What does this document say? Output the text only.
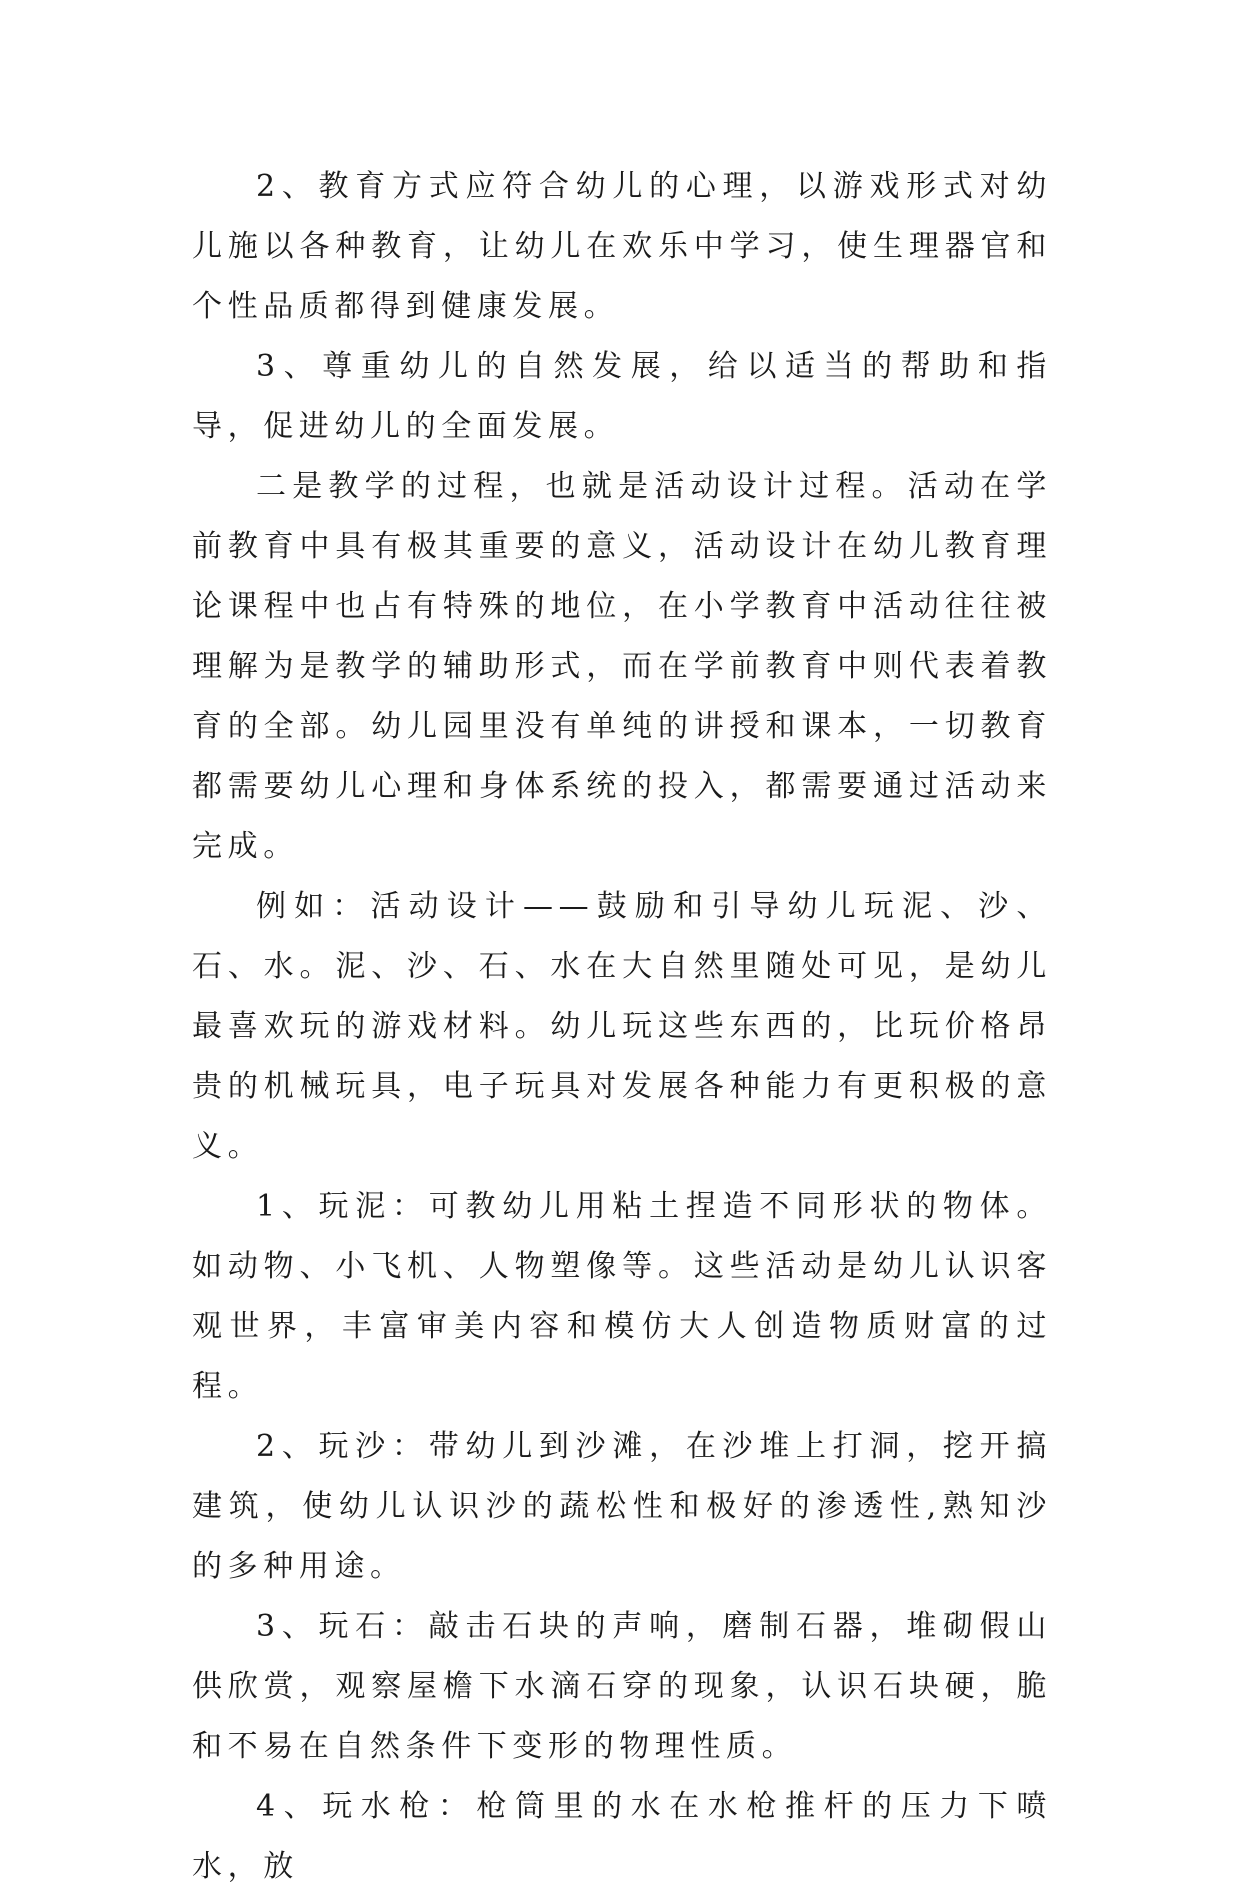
2、教育方式应符合幼儿的心理，以游戏形式对幼儿施以各种教育，让幼儿在欢乐中学习，使生理器官和个性品质都得到健康发展。

3、尊重幼儿的自然发展，给以适当的帮助和指导，促进幼儿的全面发展。

二是教学的过程，也就是活动设计过程。活动在学前教育中具有极其重要的意义，活动设计在幼儿教育理论课程中也占有特殊的地位，在小学教育中活动往往被理解为是教学的辅助形式，而在学前教育中则代表着教育的全部。幼儿园里没有单纯的讲授和课本，一切教育都需要幼儿心理和身体系统的投入，都需要通过活动来完成。

例如：活动设计——鼓励和引导幼儿玩泥、沙、石、水。泥、沙、石、水在大自然里随处可见，是幼儿最喜欢玩的游戏材料。幼儿玩这些东西的，比玩价格昂贵的机械玩具，电子玩具对发展各种能力有更积极的意义。

1、玩泥：可教幼儿用粘土捏造不同形状的物体。如动物、小飞机、人物塑像等。这些活动是幼儿认识客观世界，丰富审美内容和模仿大人创造物质财富的过程。

2、玩沙：带幼儿到沙滩，在沙堆上打洞，挖开搞建筑，使幼儿认识沙的蔬松性和极好的渗透性,熟知沙的多种用途。

3、玩石：敲击石块的声响，磨制石器，堆砌假山供欣赏，观察屋檐下水滴石穿的现象，认识石块硬，脆和不易在自然条件下变形的物理性质。

4、玩水枪：枪筒里的水在水枪推杆的压力下喷水，放
